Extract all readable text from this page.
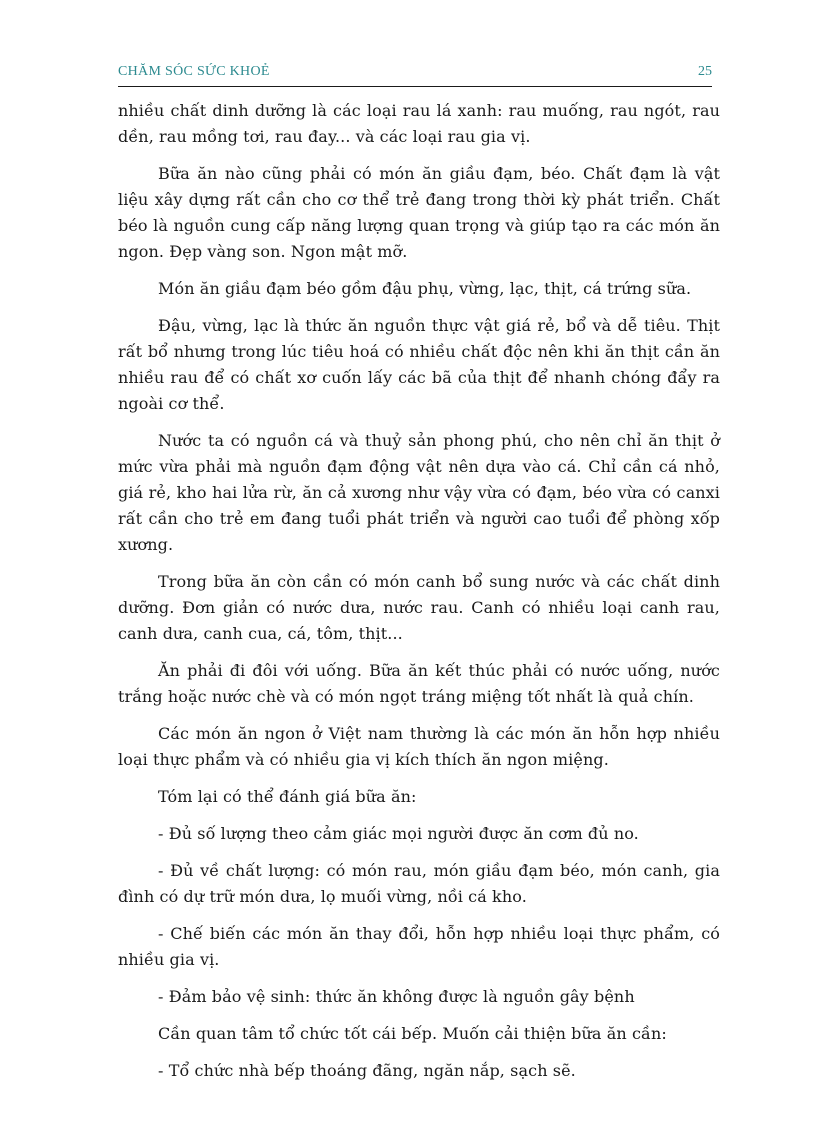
CHĂM SÓC SỨC KHOẺ	25

nhiều chất dinh dưỡng là các loại rau lá xanh: rau muống, rau ngót, rau dền, rau mồng tơi, rau đay... và các loại rau gia vị.

Bữa ăn nào cũng phải có món ăn giầu đạm, béo. Chất đạm là vật liệu xây dựng rất cần cho cơ thể trẻ đang trong thời kỳ phát triển. Chất béo là nguồn cung cấp năng lượng quan trọng và giúp tạo ra các món ăn ngon. Đẹp vàng son. Ngon mật mỡ.

Món ăn giầu đạm béo gồm đậu phụ, vừng, lạc, thịt, cá trứng sữa.

Đậu, vừng, lạc là thức ăn nguồn thực vật giá rẻ, bổ và dễ tiêu. Thịt rất bổ nhưng trong lúc tiêu hoá có nhiều chất độc nên khi ăn thịt cần ăn nhiều rau để có chất xơ cuốn lấy các bã của thịt để nhanh chóng đẩy ra ngoài cơ thể.

Nước ta có nguồn cá và thuỷ sản phong phú, cho nên chỉ ăn thịt ở mức vừa phải mà nguồn đạm động vật nên dựa vào cá. Chỉ cần cá nhỏ, giá rẻ, kho hai lửa rừ, ăn cả xương như vậy vừa có đạm, béo vừa có canxi rất cần cho trẻ em đang tuổi phát triển và người cao tuổi để phòng xốp xương.

Trong bữa ăn còn cần có món canh bổ sung nước và các chất dinh dưỡng. Đơn giản có nước dưa, nước rau. Canh có nhiều loại canh rau, canh dưa, canh cua, cá, tôm, thịt...

Ăn phải đi đôi với uống. Bữa ăn kết thúc phải có nước uống, nước trắng hoặc nước chè và có món ngọt tráng miệng tốt nhất là quả chín.

Các món ăn ngon ở Việt nam thường là các món ăn hỗn hợp nhiều loại thực phẩm và có nhiều gia vị kích thích ăn ngon miệng.

Tóm lại có thể đánh giá bữa ăn:

- Đủ số lượng theo cảm giác mọi người được ăn cơm đủ no.

- Đủ về chất lượng: có món rau, món giầu đạm béo, món canh, gia đình có dự trữ món dưa, lọ muối vừng, nồi cá kho.

- Chế biến các món ăn thay đổi, hỗn hợp nhiều loại thực phẩm, có nhiều gia vị.

- Đảm bảo vệ sinh: thức ăn không được là nguồn gây bệnh

Cần quan tâm tổ chức tốt cái bếp. Muốn cải thiện bữa ăn cần:

- Tổ chức nhà bếp thoáng đãng, ngăn nắp, sạch sẽ.
